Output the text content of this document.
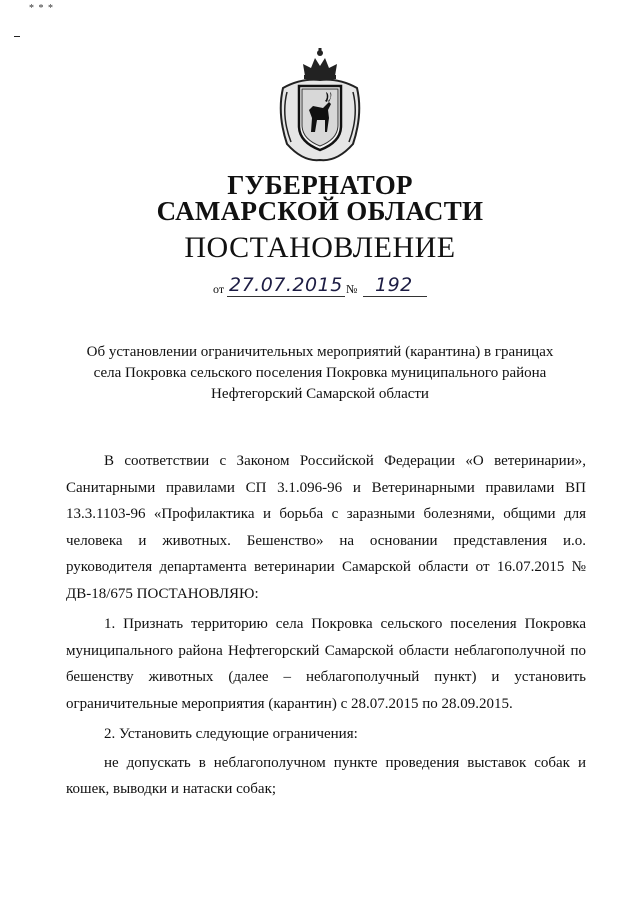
* * *
ГУБЕРНАТОР
САМАРСКОЙ ОБЛАСТИ
ПОСТАНОВЛЕНИЕ
от 27.07.2015 № 192
Об установлении ограничительных мероприятий (карантина) в границах
села Покровка сельского поселения Покровка муниципального района
Нефтегорский Самарской области

В соответствии с Законом Российской Федерации «О ветеринарии», Санитарными правилами СП 3.1.096-96 и Ветеринарными правилами ВП 13.3.1103-96 «Профилактика и борьба с заразными болезнями, общими для человека и животных. Бешенство» на основании представления и.о. руководителя департамента ветеринарии Самарской области от 16.07.2015 № ДВ-18/675 ПОСТАНОВЛЯЮ:

1. Признать территорию села Покровка сельского поселения Покровка муниципального района Нефтегорский Самарской области неблагополучной по бешенству животных (далее – неблагополучный пункт) и установить ограничительные мероприятия (карантин) с 28.07.2015 по 28.09.2015.

2. Установить следующие ограничения:

не допускать в неблагополучном пункте проведения выставок собак и кошек, выводки и натаски собак;
